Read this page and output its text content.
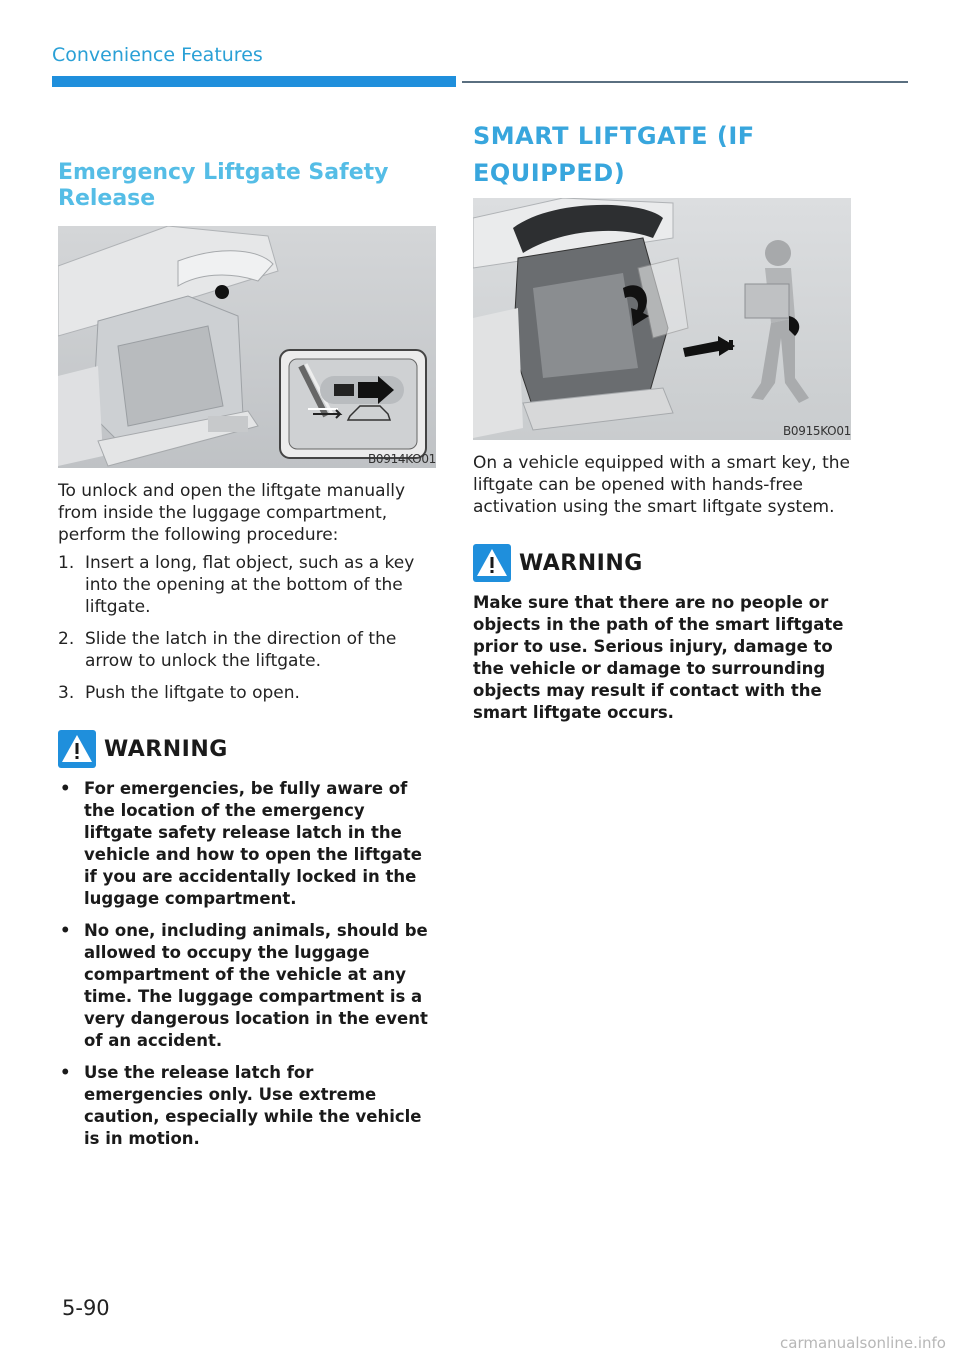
Convenience Features
Emergency Liftgate Safety Release
B0914KO01

To unlock and open the liftgate manually from inside the luggage compartment, perform the following procedure:

1. Insert a long, flat object, such as a key into the opening at the bottom of the liftgate.
2. Slide the latch in the direction of the arrow to unlock the liftgate.
3. Push the liftgate to open.
WARNING
• For emergencies, be fully aware of the location of the emergency liftgate safety release latch in the vehicle and how to open the liftgate if you are accidentally locked in the luggage compartment.
• No one, including animals, should be allowed to occupy the luggage compartment of the vehicle at any time. The luggage compartment is a very dangerous location in the event of an accident.
• Use the release latch for emergencies only. Use extreme caution, especially while the vehicle is in motion.
SMART LIFTGATE (IF
EQUIPPED)
B0915KO01

On a vehicle equipped with a smart key, the liftgate can be opened with hands-free activation using the smart liftgate system.

WARNING

Make sure that there are no people or objects in the path of the smart liftgate prior to use. Serious injury, damage to the vehicle or damage to surrounding objects may result if contact with the smart liftgate occurs.

5-90
carmanualsonline.info
